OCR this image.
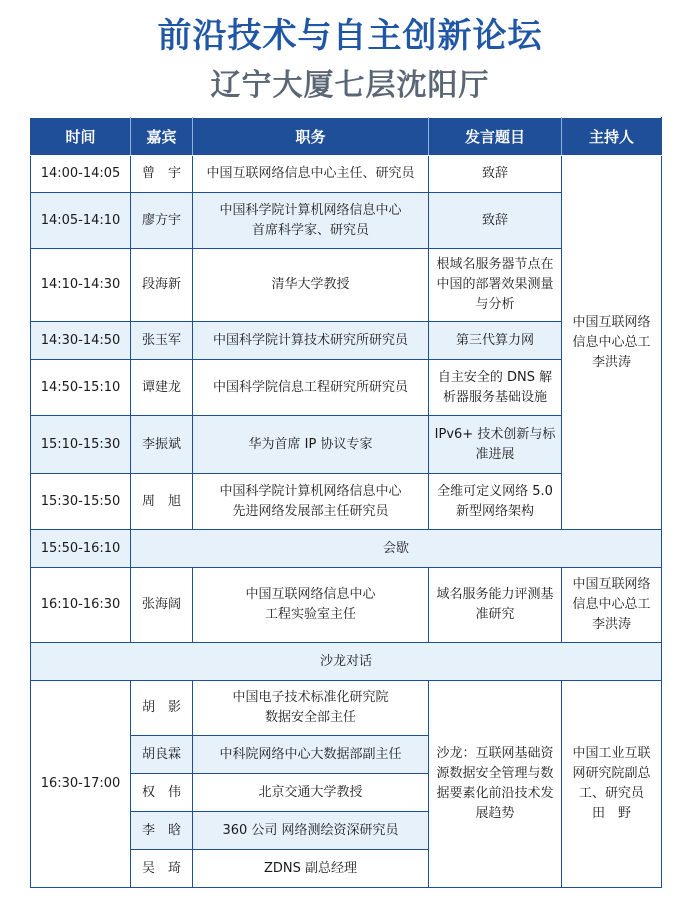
前沿技术与自主创新论坛
辽宁大厦七层沈阳厅
时间	嘉宾	职务	发言题目	主持人
14:00-14:05	曾　宇	中国互联网络信息中心主任、研究员	致辞	中国互联网络
信息中心总工
李洪涛
14:05-14:10	廖方宇	中国科学院计算机网络信息中心
首席科学家、研究员	致辞	
14:10-14:30	段海新	清华大学教授	根域名服务器节点在
中国的部署效果测量
与分析	
14:30-14:50	张玉军	中国科学院计算技术研究所研究员	第三代算力网	
14:50-15:10	谭建龙	中国科学院信息工程研究所研究员	自主安全的 DNS 解
析器服务基础设施	
15:10-15:30	李振斌	华为首席 IP 协议专家	IPv6+ 技术创新与标
准进展	
15:30-15:50	周　旭	中国科学院计算机网络信息中心
先进网络发展部主任研究员	全维可定义网络 5.0
新型网络架构	
15:50-16:10	会歇			
16:10-16:30	张海阔	中国互联网络信息中心
工程实验室主任	域名服务能力评测基
准研究	中国互联网络
信息中心总工
李洪涛
沙龙对话				
16:30-17:00	胡　影	中国电子技术标准化研究院
数据安全部主任	沙龙：互联网基础资
源数据安全管理与数
据要素化前沿技术发
展趋势	中国工业互联
网研究院副总
工、研究员
田　野
	胡良霖	中科院网络中心大数据部副主任		
	权　伟	北京交通大学教授		
	李　晗	360 公司 网络测绘资深研究员		
	吴　琦	ZDNS 副总经理		
